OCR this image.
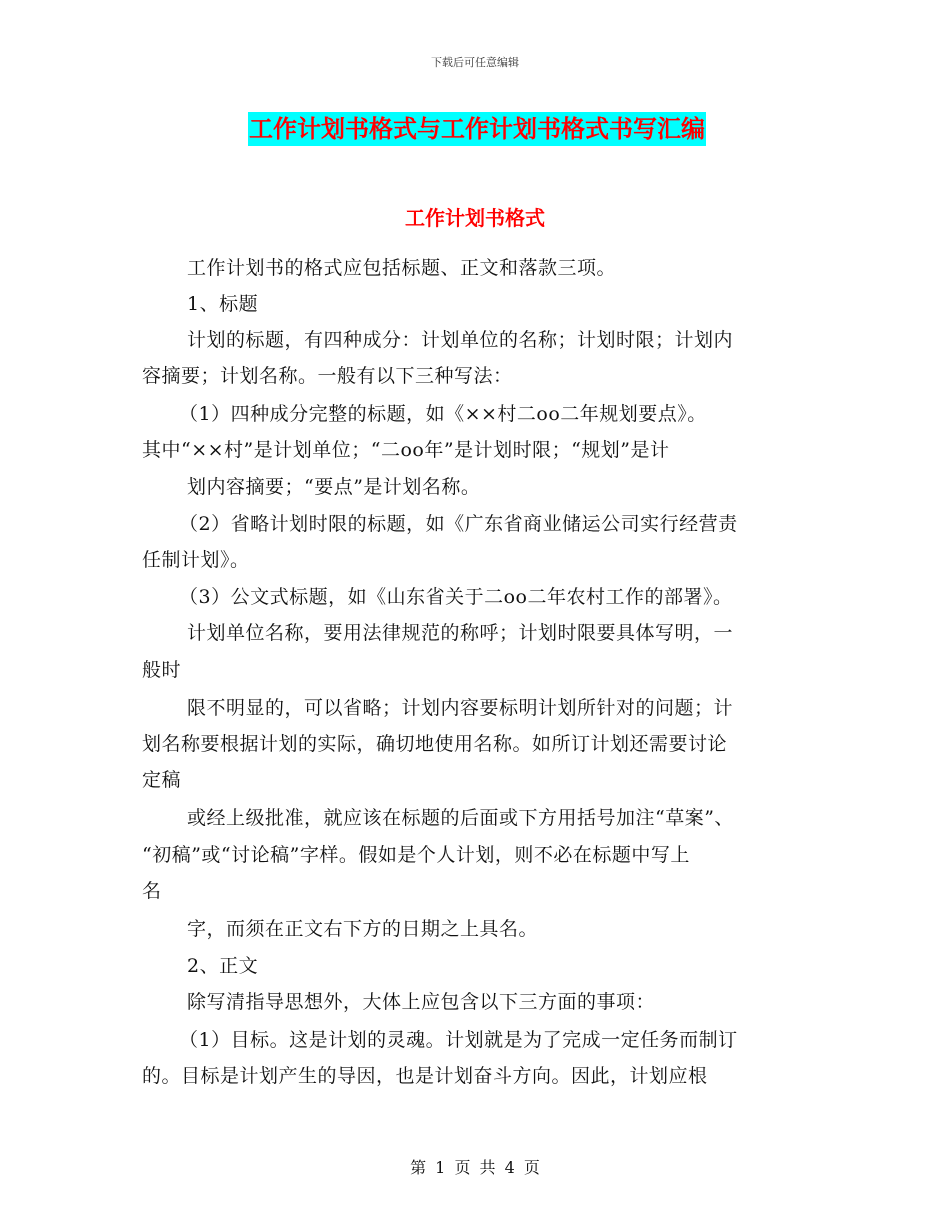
下载后可任意编辑
工作计划书格式与工作计划书格式书写汇编
工作计划书格式
工作计划书的格式应包括标题、正文和落款三项。
1、标题
计划的标题，有四种成分：计划单位的名称；计划时限；计划内
容摘要；计划名称。一般有以下三种写法：
（1）四种成分完整的标题，如《××村二oo二年规划要点》。
其中“××村”是计划单位；“二oo年”是计划时限；“规划”是计
划内容摘要；“要点”是计划名称。
（2）省略计划时限的标题，如《广东省商业储运公司实行经营责
任制计划》。
（3）公文式标题，如《山东省关于二oo二年农村工作的部署》。
计划单位名称，要用法律规范的称呼；计划时限要具体写明，一
般时
限不明显的，可以省略；计划内容要标明计划所针对的问题；计
划名称要根据计划的实际，确切地使用名称。如所订计划还需要讨论
定稿
或经上级批准，就应该在标题的后面或下方用括号加注“草案”、
“初稿”或“讨论稿”字样。假如是个人计划，则不必在标题中写上
名
字，而须在正文右下方的日期之上具名。
2、正文
除写清指导思想外，大体上应包含以下三方面的事项：
（1）目标。这是计划的灵魂。计划就是为了完成一定任务而制订
的。目标是计划产生的导因，也是计划奋斗方向。因此，计划应根
第 1 页 共 4 页
